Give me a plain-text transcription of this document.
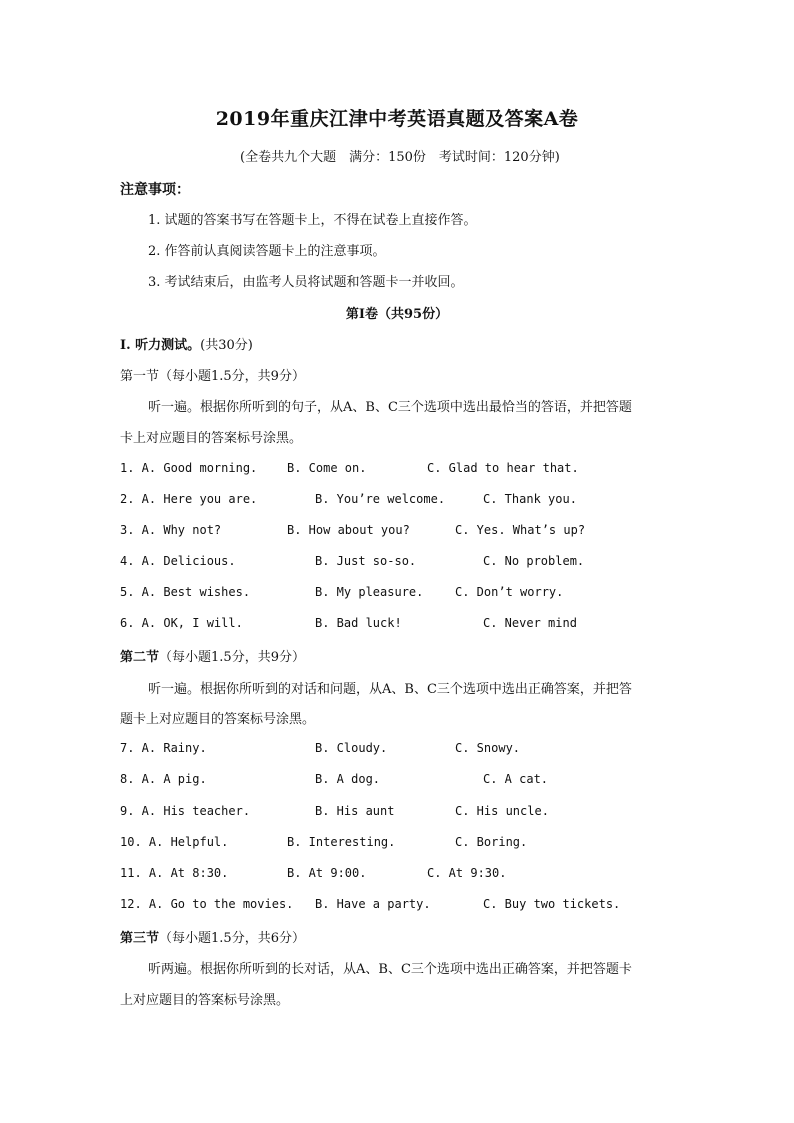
2019年重庆江津中考英语真题及答案A卷
(全卷共九个大题　满分：150份　考试时间：120分钟)
注意事项：
1. 试题的答案书写在答题卡上，不得在试卷上直接作答。
2. 作答前认真阅读答题卡上的注意事项。
3. 考试结束后，由监考人员将试题和答题卡一并收回。
第I卷（共95份）
I. 听力测试。(共30分)
第一节（每小题1.5分，共9分）
听一遍。根据你所听到的句子，从A、B、C三个选项中选出最恰当的答语，并把答题
卡上对应题目的答案标号涂黑。
1. A. Good morning. B. Come on.	C. Glad to hear that.
2. A. Here you are.	B. You’re welcome.	C. Thank you.
3. A. Why not?	B. How about you?	C. Yes. What’s up?
4. A. Delicious.	B. Just so-so.	C. No problem.
5. A. Best wishes.	B. My pleasure.	C. Don’t worry.
6. A. OK, I will.	B. Bad luck!	C. Never mind
第二节（每小题1.5分，共9分）
听一遍。根据你所听到的对话和问题，从A、B、C三个选项中选出正确答案，并把答
题卡上对应题目的答案标号涂黑。
7. A. Rainy.	B. Cloudy.	C. Snowy.
8. A. A pig.	B. A dog.	C. A cat.
9. A. His teacher.	B. His aunt	C. His uncle.
10. A. Helpful.	B. Interesting.	C. Boring.
11. A. At 8:30.	B. At 9:00.	C. At 9:30.
12. A. Go to the movies. B. Have a party.	C. Buy two tickets.
第三节（每小题1.5分，共6分）
听两遍。根据你所听到的长对话，从A、B、C三个选项中选出正确答案，并把答题卡
上对应题目的答案标号涂黑。
